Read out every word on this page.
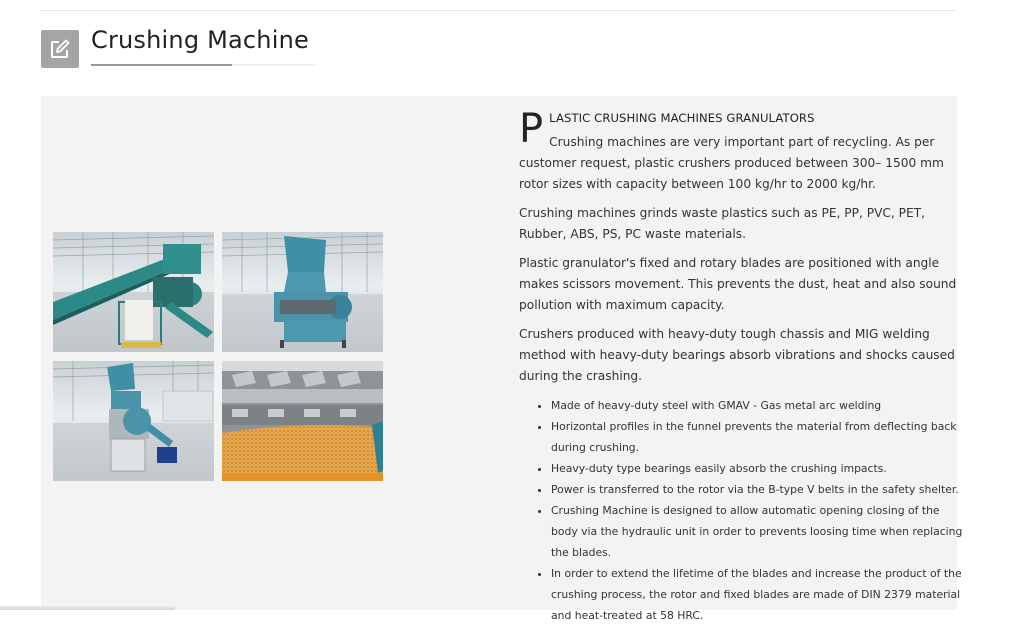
Crushing Machine
P LASTIC CRUSHING MACHINES GRANULATORS

Crushing machines are very important part of recycling. As per customer request, plastic crushers produced between 300– 1500 mm rotor sizes with capacity between 100 kg/hr to 2000 kg/hr.

Crushing machines grinds waste plastics such as PE, PP, PVC, PET, Rubber, ABS, PS, PC waste materials.

Plastic granulator's fixed and rotary blades are positioned with angle makes scissors movement. This prevents the dust, heat and also sound pollution with maximum capacity.

Crushers produced with heavy-duty tough chassis and MIG welding method with heavy-duty bearings absorb vibrations and shocks caused during the crashing.

• Made of heavy-duty steel with GMAV - Gas metal arc welding
• Horizontal profiles in the funnel prevents the material from deflecting back during crushing.
• Heavy-duty type bearings easily absorb the crushing impacts.
• Power is transferred to the rotor via the B-type V belts in the safety shelter.
• Crushing Machine is designed to allow automatic opening closing of the body via the hydraulic unit in order to prevents loosing time when replacing the blades.
• In order to extend the lifetime of the blades and increase the product of the crushing process, the rotor and fixed blades are made of DIN 2379 material and heat-treated at 58 HRC.
